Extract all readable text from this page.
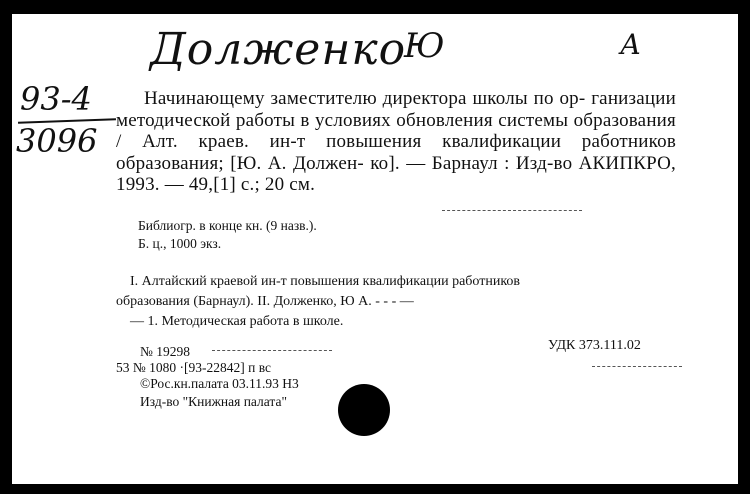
Долженко
Ю	А
93-4
3096

Начинающему заместителю директора школы по ор- ганизации методической работы в условиях обновления системы образования / Алт. краев. ин-т повышения квалификации работников образования; [Ю. А. Должен- ко]. — Барнаул : Изд-во АКИПКРО, 1993. — 49,[1] с.; 20 см.

Библиогр. в конце кн. (9 назв.).
Б. ц., 1000 экз.

I. Алтайский краевой ин-т повышения квалификации работников

образования (Барнаул). II. Долженко, Ю А. - - - —

— 1. Методическая работа в школе.

УДК 373.111.02
№ 19298
53 № 1080 ·[93-22842] п вс
©Рос.кн.палата 03.11.93 Н3
Изд-во "Книжная палата"
